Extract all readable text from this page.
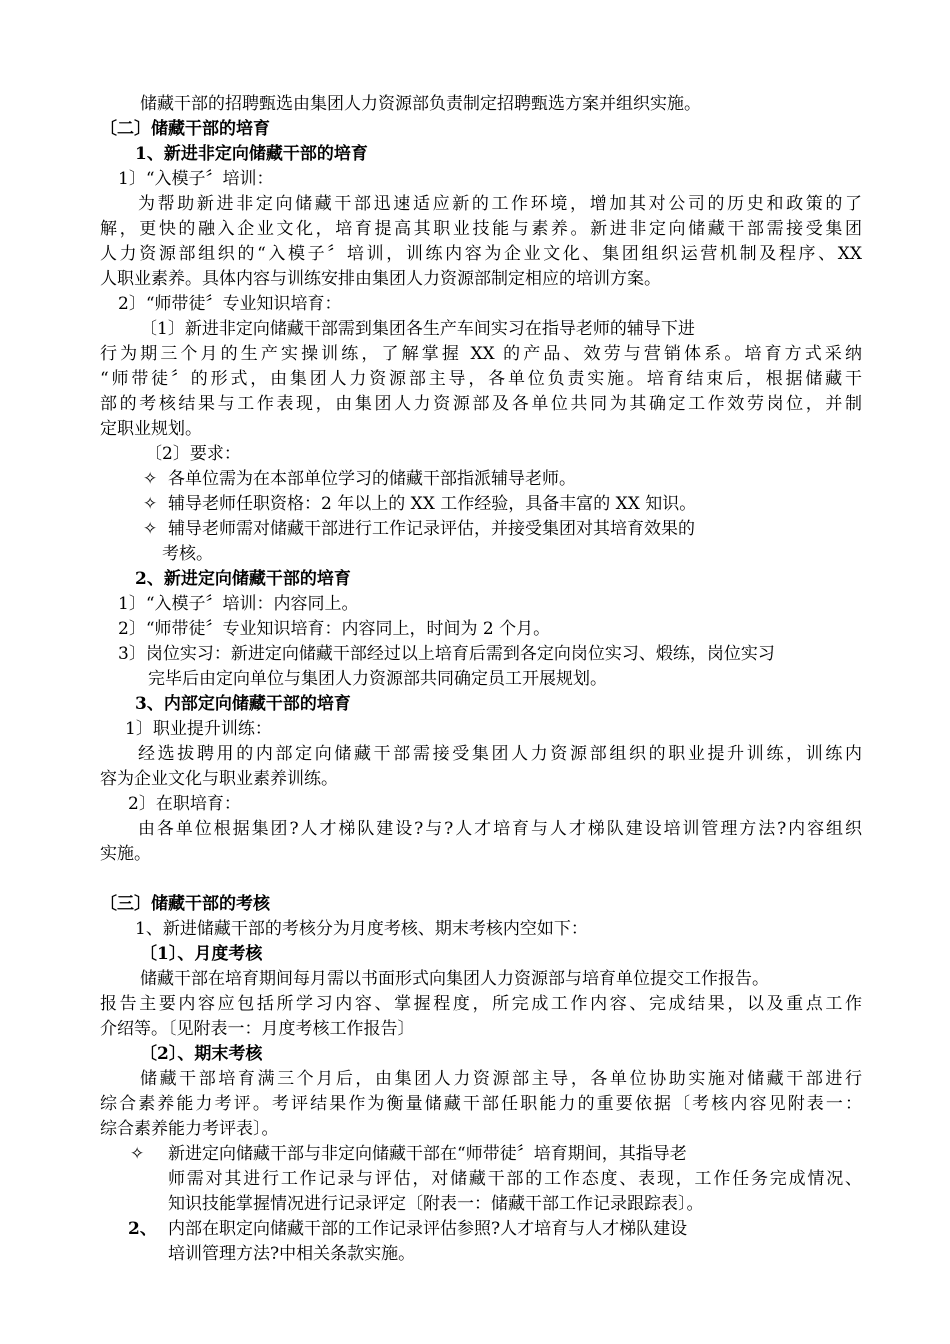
储藏干部的招聘甄选由集团人力资源部负责制定招聘甄选方案并组织实施。
〔二〕储藏干部的培育
1、新进非定向储藏干部的培育
1〕“入模子〞培训：
为帮助新进非定向储藏干部迅速适应新的工作环境，增加其对公司的历史和政策的了
解，更快的融入企业文化，培育提高其职业技能与素养。新进非定向储藏干部需接受集团
人力资源部组织的“入模子〞培训，训练内容为企业文化、集团组织运营机制及程序、XX
人职业素养。具体内容与训练安排由集团人力资源部制定相应的培训方案。
2〕“师带徒〞专业知识培育：
〔1〕新进非定向储藏干部需到集团各生产车间实习在指导老师的辅导下进
行为期三个月的生产实操训练，了解掌握 XX 的产品、效劳与营销体系。培育方式采纳
“师带徒〞的形式，由集团人力资源部主导，各单位负责实施。培育结束后，根据储藏干
部的考核结果与工作表现，由集团人力资源部及各单位共同为其确定工作效劳岗位，并制
定职业规划。
〔2〕要求：
✧ 各单位需为在本部单位学习的储藏干部指派辅导老师。
✧ 辅导老师任职资格：2 年以上的 XX 工作经验，具备丰富的 XX 知识。
✧ 辅导老师需对储藏干部进行工作记录评估，并接受集团对其培育效果的
考核。
2、新进定向储藏干部的培育
1〕“入模子〞培训：内容同上。
2〕“师带徒〞专业知识培育：内容同上，时间为 2 个月。
3〕岗位实习：新进定向储藏干部经过以上培育后需到各定向岗位实习、煅练，岗位实习
完毕后由定向单位与集团人力资源部共同确定员工开展规划。
3、内部定向储藏干部的培育
1〕职业提升训练：
经选拔聘用的内部定向储藏干部需接受集团人力资源部组织的职业提升训练，训练内
容为企业文化与职业素养训练。
2〕在职培育：
由各单位根据集团?人才梯队建设?与?人才培育与人才梯队建设培训管理方法?内容组织
实施。
〔三〕储藏干部的考核
1、新进储藏干部的考核分为月度考核、期末考核内空如下：
〔1〕、月度考核
储藏干部在培育期间每月需以书面形式向集团人力资源部与培育单位提交工作报告。
报告主要内容应包括所学习内容、掌握程度，所完成工作内容、完成结果，以及重点工作
介绍等。〔见附表一：月度考核工作报告〕
〔2〕、期末考核
储藏干部培育满三个月后，由集团人力资源部主导，各单位协助实施对储藏干部进行
综合素养能力考评。考评结果作为衡量储藏干部任职能力的重要依据〔考核内容见附表一：
综合素养能力考评表〕。
✧ 新进定向储藏干部与非定向储藏干部在“师带徒〞培育期间，其指导老
师需对其进行工作记录与评估，对储藏干部的工作态度、表现，工作任务完成情况、
知识技能掌握情况进行记录评定〔附表一：储藏干部工作记录跟踪表〕。
2、 内部在职定向储藏干部的工作记录评估参照?人才培育与人才梯队建设
培训管理方法?中相关条款实施。
